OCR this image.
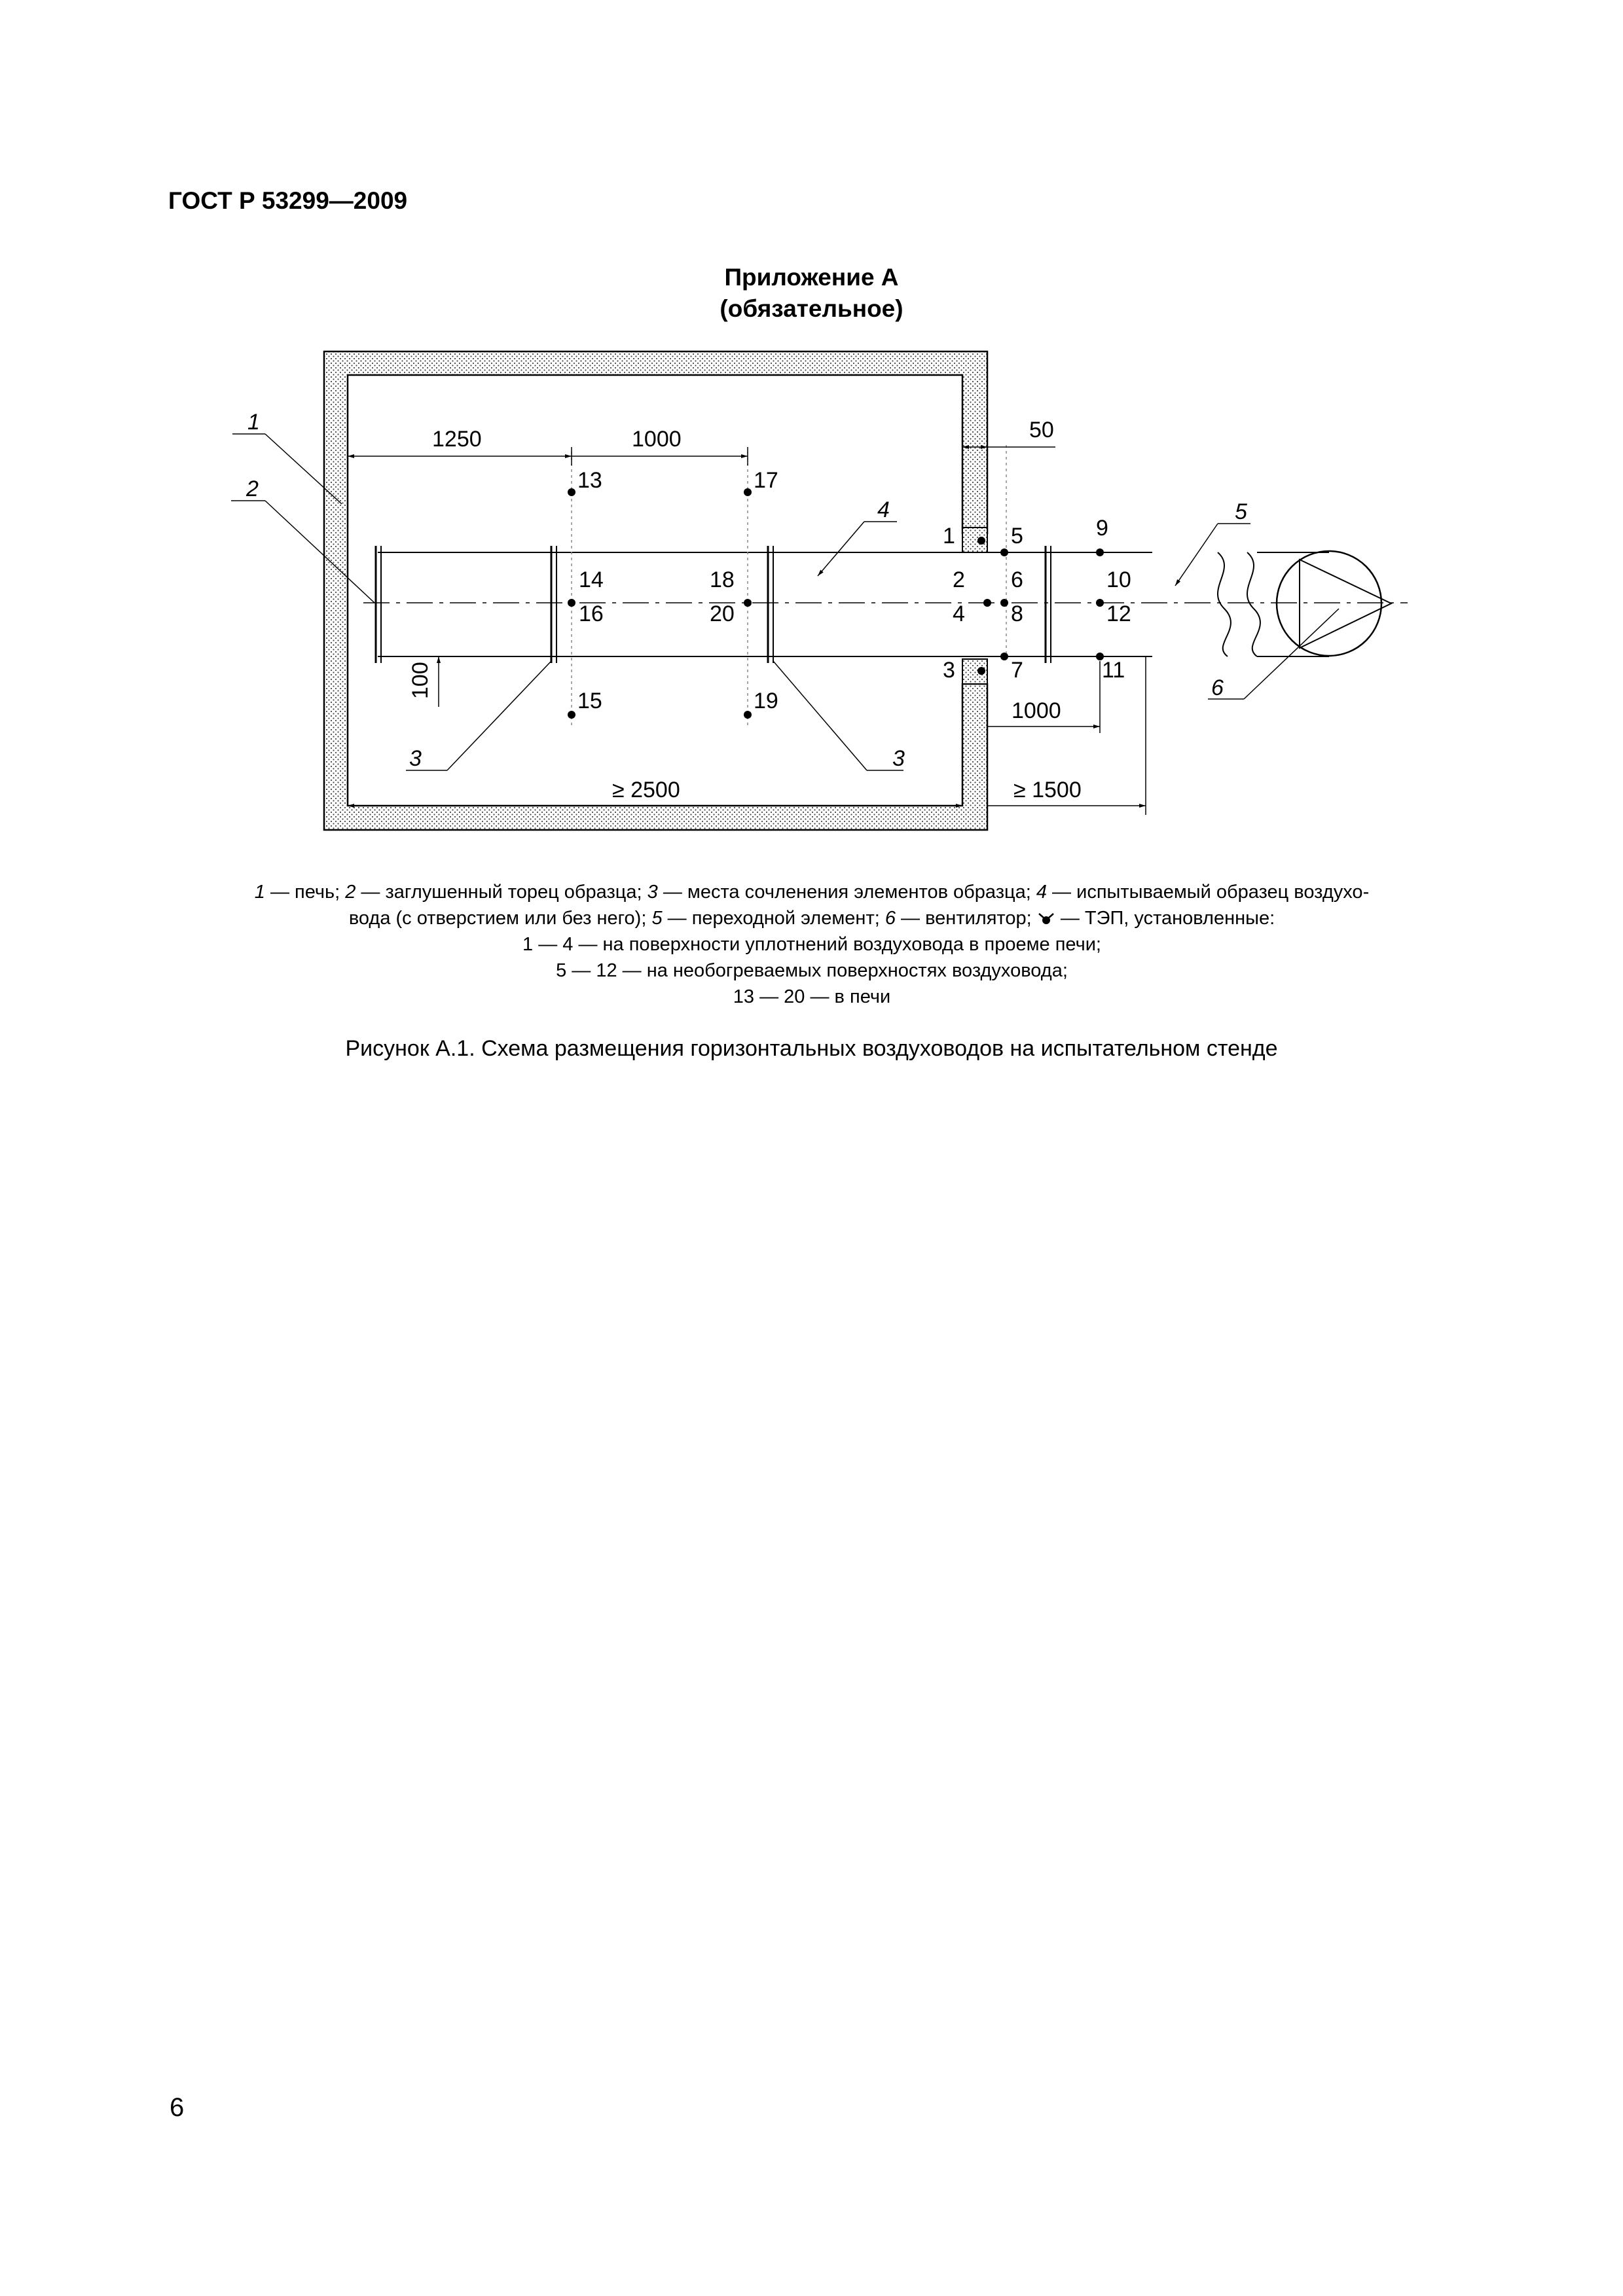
ГОСТ Р 53299—2009
Приложение А
(обязательное)
1250	1000	50
100
1000
≥ 2500	≥ 1500
1
2
3	3
4	5
6
1
2
3
4
5
6
7
8
9
10
11
12
13
14
15
16
17
18
19
20

1 — печь; 2 — заглушенный торец образца; 3 — места сочленения элементов образца; 4 — испытываемый образец воздухо-

вода (с отверстием или без него); 5 — переходной элемент; 6 — вентилятор;  — ТЭП, установленные:

1 — 4 — на поверхности уплотнений воздуховода в проеме печи;

5 — 12 — на необогреваемых поверхностях воздуховода;

13 — 20 — в печи

Рисунок А.1. Схема размещения горизонтальных воздуховодов на испытательном стенде
6
